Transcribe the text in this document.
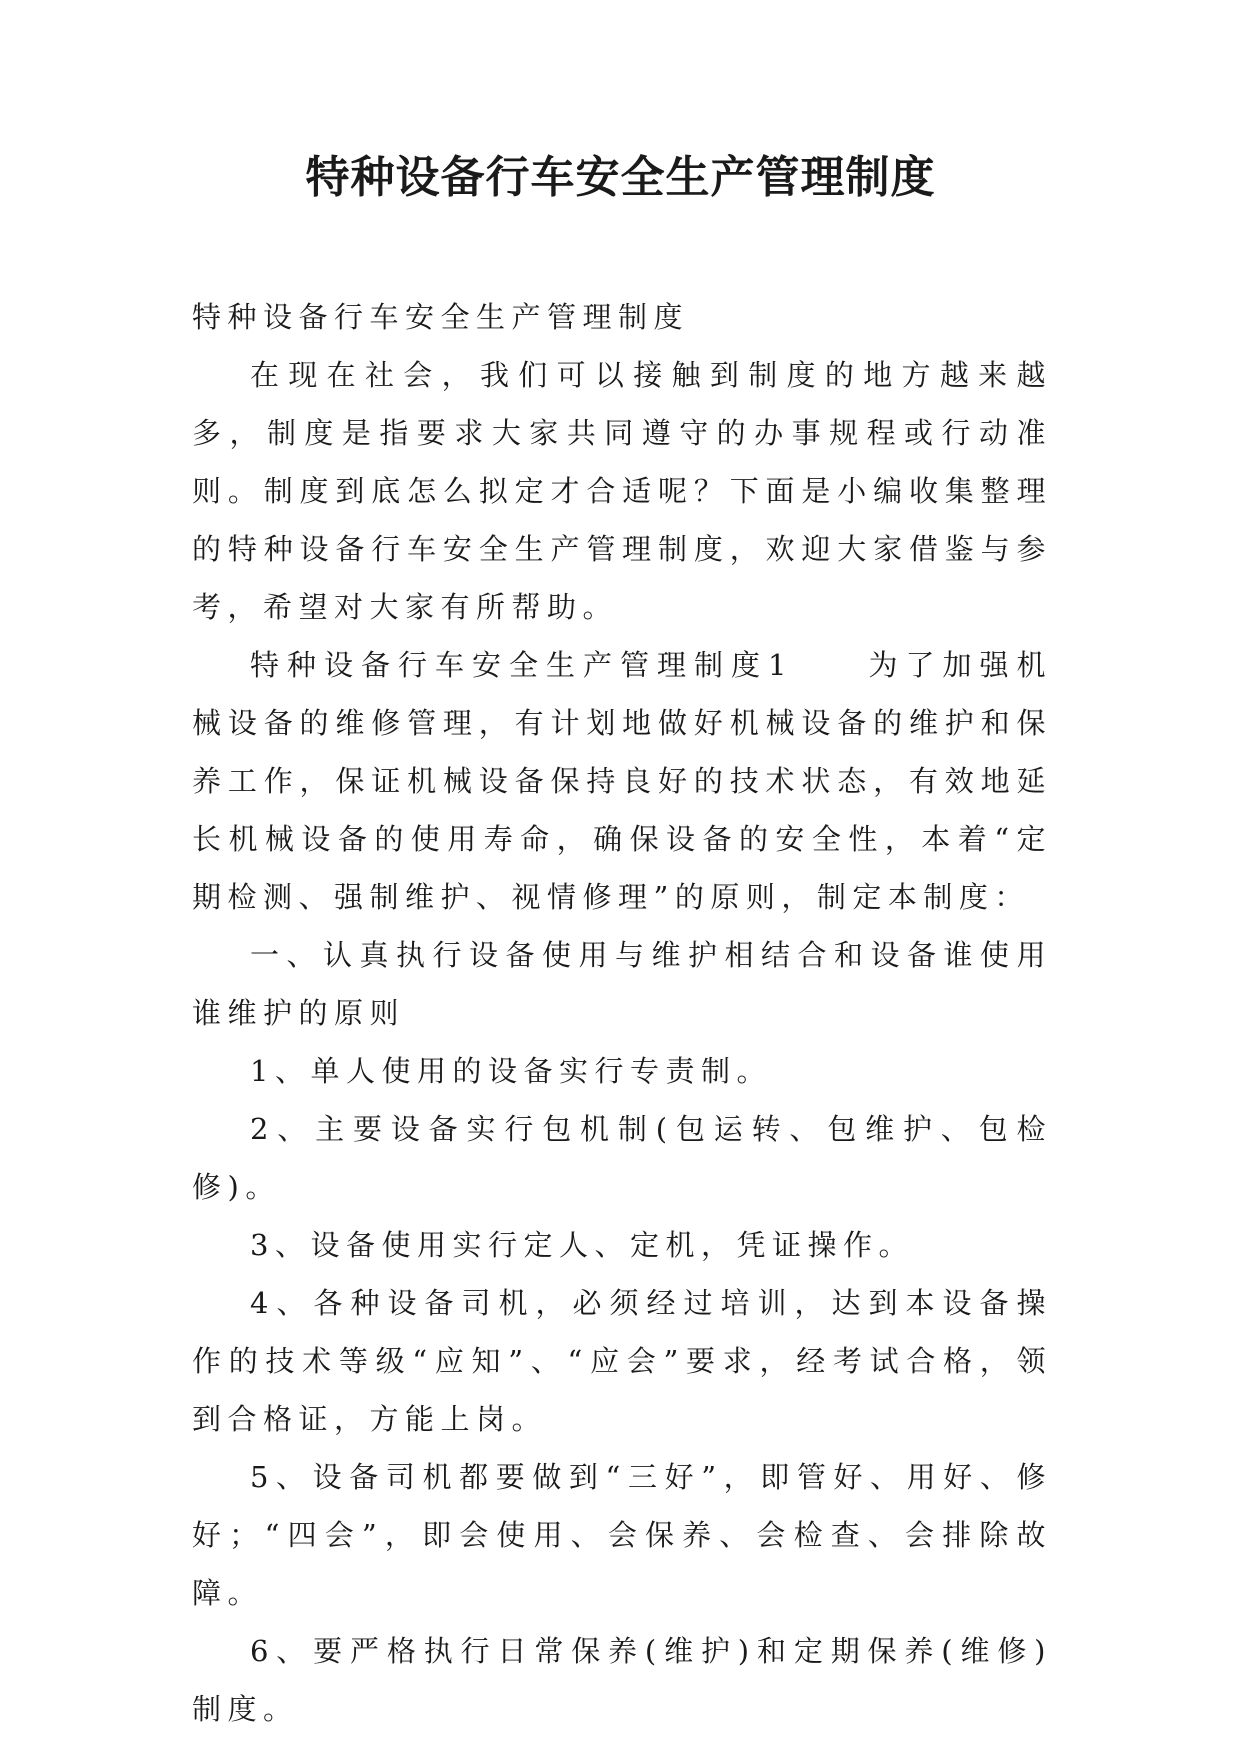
特种设备行车安全生产管理制度

特种设备行车安全生产管理制度

在现在社会，我们可以接触到制度的地方越来越多，制度是指要求大家共同遵守的办事规程或行动准则。制度到底怎么拟定才合适呢？下面是小编收集整理的特种设备行车安全生产管理制度，欢迎大家借鉴与参考，希望对大家有所帮助。

特种设备行车安全生产管理制度1　　为了加强机械设备的维修管理，有计划地做好机械设备的维护和保养工作，保证机械设备保持良好的技术状态，有效地延长机械设备的使用寿命，确保设备的安全性，本着“定期检测、强制维护、视情修理”的原则，制定本制度：

一、认真执行设备使用与维护相结合和设备谁使用谁维护的原则

1、单人使用的设备实行专责制。

2、主要设备实行包机制(包运转、包维护、包检修)。

3、设备使用实行定人、定机，凭证操作。

4、各种设备司机，必须经过培训，达到本设备操作的技术等级“应知”、“应会”要求，经考试合格，领到合格证，方能上岗。

5、设备司机都要做到“三好”，即管好、用好、修好；“四会”，即会使用、会保养、会检查、会排除故障。

6、要严格执行日常保养(维护)和定期保养(维修)制度。
